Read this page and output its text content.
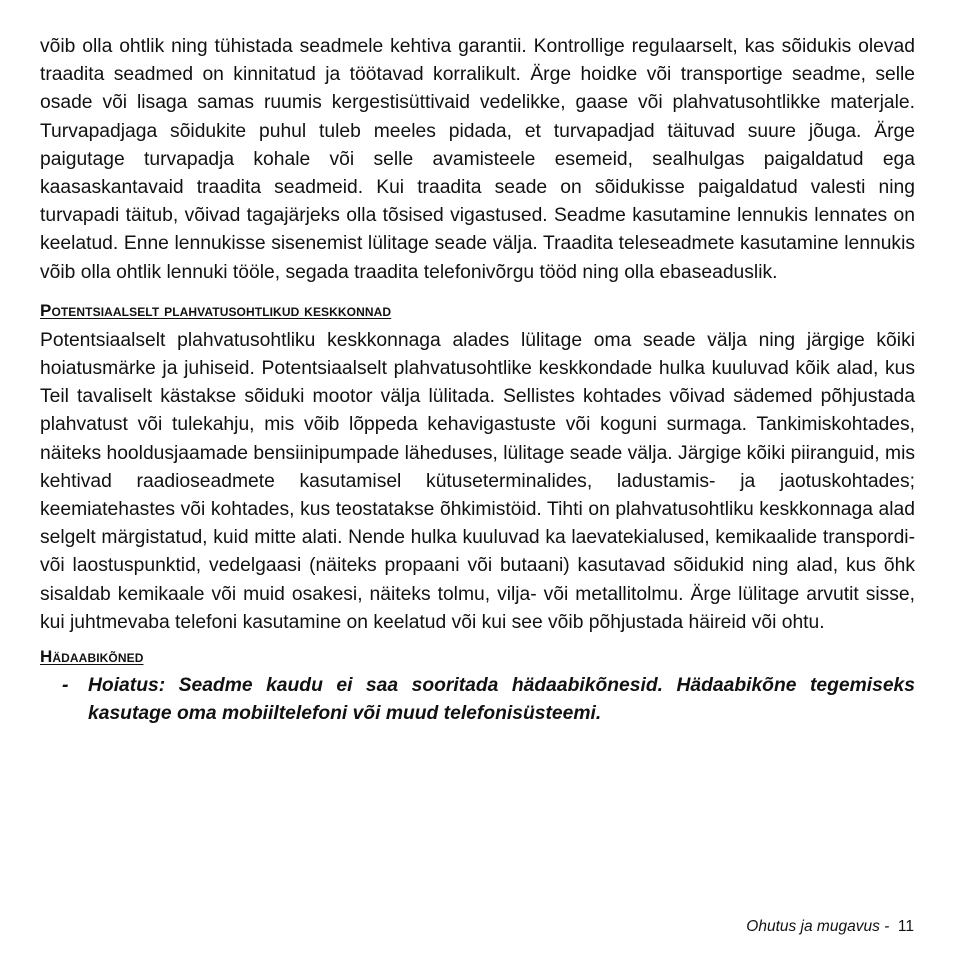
võib olla ohtlik ning tühistada seadmele kehtiva garantii. Kontrollige regulaarselt, kas sõidukis olevad traadita seadmed on kinnitatud ja töötavad korralikult. Ärge hoidke või transportige seadme, selle osade või lisaga samas ruumis kergestisüttivaid vedelikke, gaase või plahvatusohtlikke materjale. Turvapadjaga sõidukite puhul tuleb meeles pidada, et turvapadjad täituvad suure jõuga. Ärge paigutage turvapadja kohale või selle avamisteele esemeid, sealhulgas paigaldatud ega kaasaskantavaid traadita seadmeid. Kui traadita seade on sõidukisse paigaldatud valesti ning turvapadi täitub, võivad tagajärjeks olla tõsised vigastused. Seadme kasutamine lennukis lennates on keelatud. Enne lennukisse sisenemist lülitage seade välja. Traadita teleseadmete kasutamine lennukis võib olla ohtlik lennuki tööle, segada traadita telefonivõrgu tööd ning olla ebaseaduslik.

Potentsiaalselt plahvatusohtlikud keskkonnad

Potentsiaalselt plahvatusohtliku keskkonnaga alades lülitage oma seade välja ning järgige kõiki hoiatusmärke ja juhiseid. Potentsiaalselt plahvatusohtlike keskkondade hulka kuuluvad kõik alad, kus Teil tavaliselt kästakse sõiduki mootor välja lülitada. Sellistes kohtades võivad sädemed põhjustada plahvatust või tulekahju, mis võib lõppeda kehavigastuste või koguni surmaga. Tankimiskohtades, näiteks hooldusjaamade bensiinipumpade läheduses, lülitage seade välja. Järgige kõiki piiranguid, mis kehtivad raadioseadmete kasutamisel kütuseterminalides, ladustamis- ja jaotuskohtades; keemiatehastes või kohtades, kus teostatakse õhkimistöid. Tihti on plahvatusohtliku keskkonnaga alad selgelt märgistatud, kuid mitte alati. Nende hulka kuuluvad ka laevatekialused, kemikaalide transpordi- või laostuspunktid, vedelgaasi (näiteks propaani või butaani) kasutavad sõidukid ning alad, kus õhk sisaldab kemikaale või muid osakesi, näiteks tolmu, vilja- või metallitolmu. Ärge lülitage arvutit sisse, kui juhtmevaba telefoni kasutamine on keelatud või kui see võib põhjustada häireid või ohtu.

Hädaabikõned
-	Hoiatus: Seadme kaudu ei saa sooritada hädaabikõnesid. Hädaabikõne tegemiseks kasutage oma mobiiltelefoni või muud telefonisüsteemi.
Ohutus ja mugavus -  11
